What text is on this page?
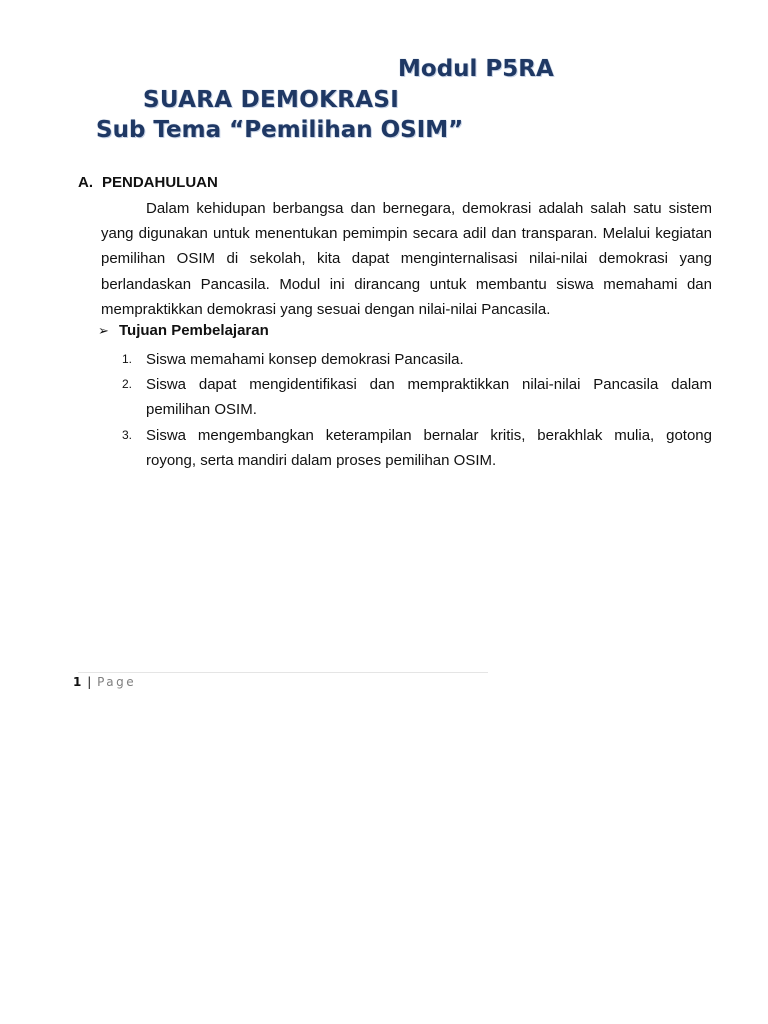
Modul P5RA
SUARA DEMOKRASI
Sub Tema “Pemilihan OSIM”
A. PENDAHULUAN

Dalam kehidupan berbangsa dan bernegara, demokrasi adalah salah satu sistem yang digunakan untuk menentukan pemimpin secara adil dan transparan. Melalui kegiatan pemilihan OSIM di sekolah, kita dapat menginternalisasi nilai-nilai demokrasi yang berlandaskan Pancasila. Modul ini dirancang untuk membantu siswa memahami dan mempraktikkan demokrasi yang sesuai dengan nilai-nilai Pancasila.

➢ Tujuan Pembelajaran
1. Siswa memahami konsep demokrasi Pancasila.
2. Siswa dapat mengidentifikasi dan mempraktikkan nilai-nilai Pancasila dalam pemilihan OSIM.
3. Siswa mengembangkan keterampilan bernalar kritis, berakhlak mulia, gotong royong, serta mandiri dalam proses pemilihan OSIM.
1 | Page
